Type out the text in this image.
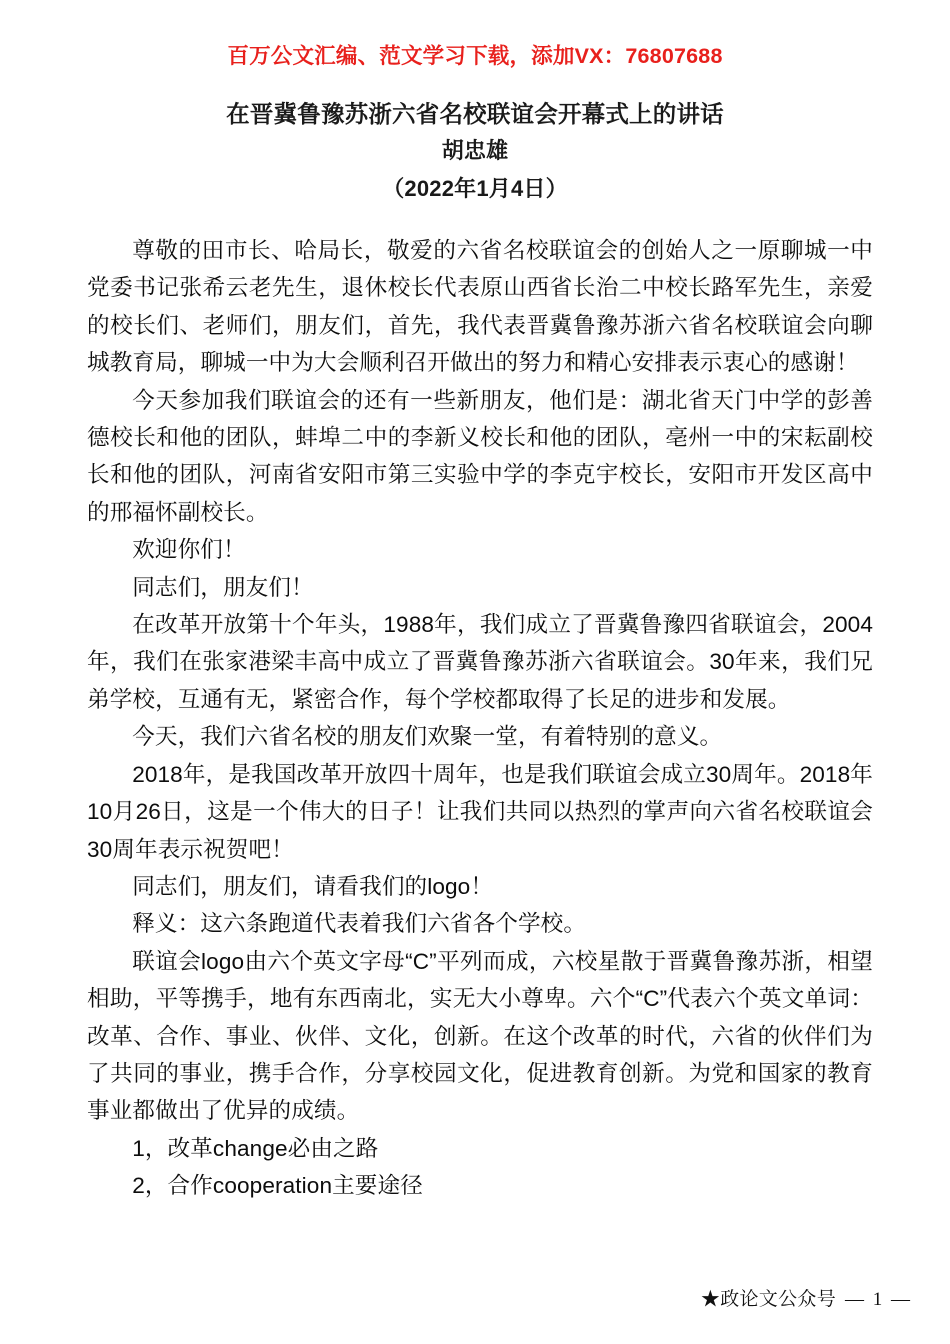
百万公文汇编、范文学习下载，添加VX：76807688
在晋冀鲁豫苏浙六省名校联谊会开幕式上的讲话
胡忠雄
（2022年1月4日）

尊敬的田市长、哈局长，敬爱的六省名校联谊会的创始人之一原聊城一中党委书记张希云老先生，退休校长代表原山西省长治二中校长路军先生，亲爱的校长们、老师们，朋友们，首先，我代表晋冀鲁豫苏浙六省名校联谊会向聊城教育局，聊城一中为大会顺利召开做出的努力和精心安排表示衷心的感谢！

今天参加我们联谊会的还有一些新朋友，他们是：湖北省天门中学的彭善德校长和他的团队，蚌埠二中的李新义校长和他的团队，亳州一中的宋耘副校长和他的团队，河南省安阳市第三实验中学的李克宇校长，安阳市开发区高中的邢福怀副校长。

欢迎你们！

同志们，朋友们！

在改革开放第十个年头，1988年，我们成立了晋冀鲁豫四省联谊会，2004年，我们在张家港梁丰高中成立了晋冀鲁豫苏浙六省联谊会。30年来，我们兄弟学校，互通有无，紧密合作，每个学校都取得了长足的进步和发展。

今天，我们六省名校的朋友们欢聚一堂，有着特别的意义。

2018年，是我国改革开放四十周年，也是我们联谊会成立30周年。2018年10月26日，这是一个伟大的日子！让我们共同以热烈的掌声向六省名校联谊会30周年表示祝贺吧！

同志们，朋友们，请看我们的logo！

释义：这六条跑道代表着我们六省各个学校。

联谊会logo由六个英文字母“C”平列而成，六校星散于晋冀鲁豫苏浙，相望相助，平等携手，地有东西南北，实无大小尊卑。六个“C”代表六个英文单词：改革、合作、事业、伙伴、文化，创新。在这个改革的时代，六省的伙伴们为了共同的事业，携手合作，分享校园文化，促进教育创新。为党和国家的教育事业都做出了优异的成绩。

1，改革change必由之路

2，合作cooperation主要途径

★政论文公众号 — 1 —
